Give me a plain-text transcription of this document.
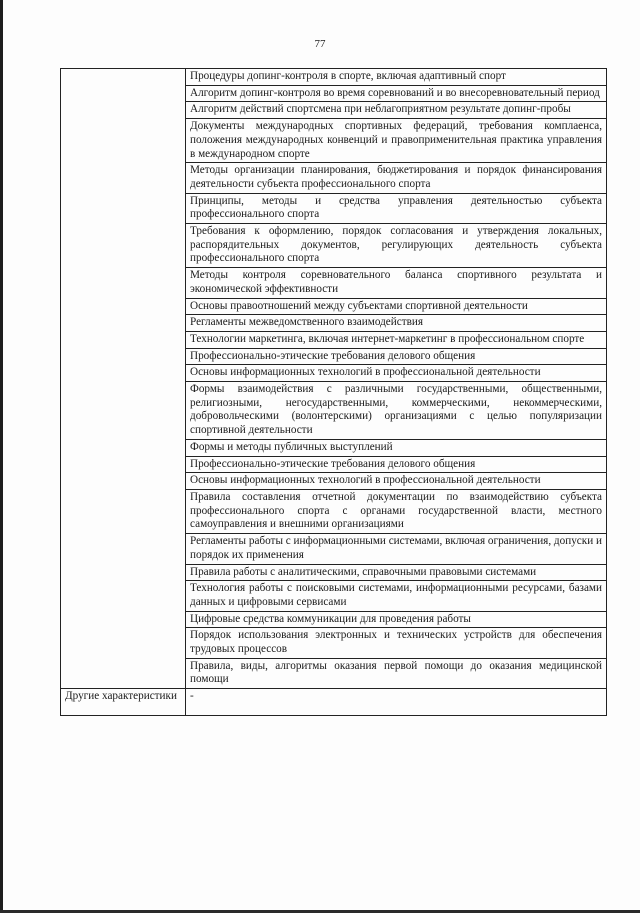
77

	Процедуры допинг-контроля в спорте, включая адаптивный спорт

	Алгоритм допинг-контроля во время соревнований и во внесоревновательный период

	Алгоритм действий спортсмена при неблагоприятном результате допинг-пробы

	Документы международных спортивных федераций, требования комплаенса, положения международных конвенций и правоприменительная практика управления в международном спорте

	Методы организации планирования, бюджетирования и порядок финансирования деятельности субъекта профессионального спорта

	Принципы, методы и средства управления деятельностью субъекта профессионального спорта

	Требования к оформлению, порядок согласования и утверждения локальных, распорядительных документов, регулирующих деятельность субъекта профессионального спорта

	Методы контроля соревновательного баланса спортивного результата и экономической эффективности

	Основы правоотношений между субъектами спортивной деятельности

	Регламенты межведомственного взаимодействия

	Технологии маркетинга, включая интернет-маркетинг в профессиональном спорте

	Профессионально-этические требования делового общения

	Основы информационных технологий в профессиональной деятельности

	Формы взаимодействия с различными государственными, общественными, религиозными, негосударственными, коммерческими, некоммерческими, добровольческими (волонтерскими) организациями с целью популяризации спортивной деятельности

	Формы и методы публичных выступлений

	Профессионально-этические требования делового общения

	Основы информационных технологий в профессиональной деятельности

	Правила составления отчетной документации по взаимодействию субъекта профессионального спорта с органами государственной власти, местного самоуправления и внешними организациями

	Регламенты работы с информационными системами, включая ограничения, допуски и порядок их применения

	Правила работы с аналитическими, справочными правовыми системами

	Технология работы с поисковыми системами, информационными ресурсами, базами данных и цифровыми сервисами

	Цифровые средства коммуникации для проведения работы

	Порядок использования электронных и технических устройств для обеспечения трудовых процессов

	Правила, виды, алгоритмы оказания первой помощи до оказания медицинской помощи

Другие характеристики	-
